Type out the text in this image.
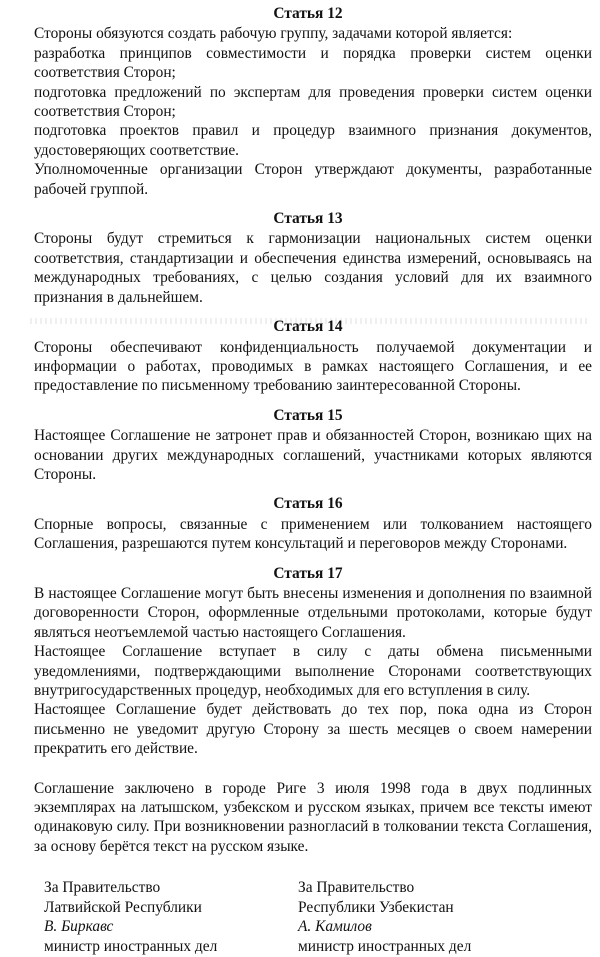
Статья 12

Стороны обязуются создать рабочую группу, задачами которой является:

разработка принципов совместимости и порядка проверки систем оценки соответствия Сторон;

подготовка предложений по экспертам для проведения проверки систем оценки соответствия Сторон;

подготовка проектов правил и процедур взаимного признания документов, удостоверяющих соответствие.

Уполномоченные организации Сторон утверждают документы, разработанные рабочей группой.

Статья 13

Стороны будут стремиться к гармонизации национальных систем оценки соответствия, стандартизации и обеспечения единства измерений, основываясь на международных требованиях, с целью создания условий для их взаимного признания в дальнейшем.

Статья 14

Стороны обеспечивают конфиденциальность получаемой документации и информации о работах, проводимых в рамках настоящего Соглашения, и ее предоставление по письменному требованию заинтересованной Стороны.

Статья 15

Настоящее Соглашение не затронет прав и обязанностей Сторон, возникаю щих на основании других международных соглашений, участниками которых являются Стороны.

Статья 16

Спорные вопросы, связанные с применением или толкованием настоящего Соглашения, разрешаются путем консультаций и переговоров между Сторонами.

Статья 17

В настоящее Соглашение могут быть внесены изменения и дополнения по взаимной договоренности Сторон, оформленные отдельными протоколами, которые будут являться неотъемлемой частью настоящего Соглашения.

Настоящее Соглашение вступает в силу с даты обмена письменными уведомлениями, подтверждающими выполнение Сторонами соответствующих внутригосударственных процедур, необходимых для его вступления в силу.

Настоящее Соглашение будет действовать до тех пор, пока одна из Сторон письменно не уведомит другую Сторону за шесть месяцев о своем намерении прекратить его действие.

Соглашение заключено в городе Риге 3 июля 1998 года в двух подлинных экземплярах на латышском, узбекском и русском языках, причем все тексты имеют одинаковую силу. При возникновении разногласий в толковании текста Соглашения, за основу берётся текст на русском языке.

За Правительство
Латвийской Республики
В. Биркавс
министр иностранных дел
За Правительство
Республики Узбекистан
А. Камилов
министр иностранных дел
